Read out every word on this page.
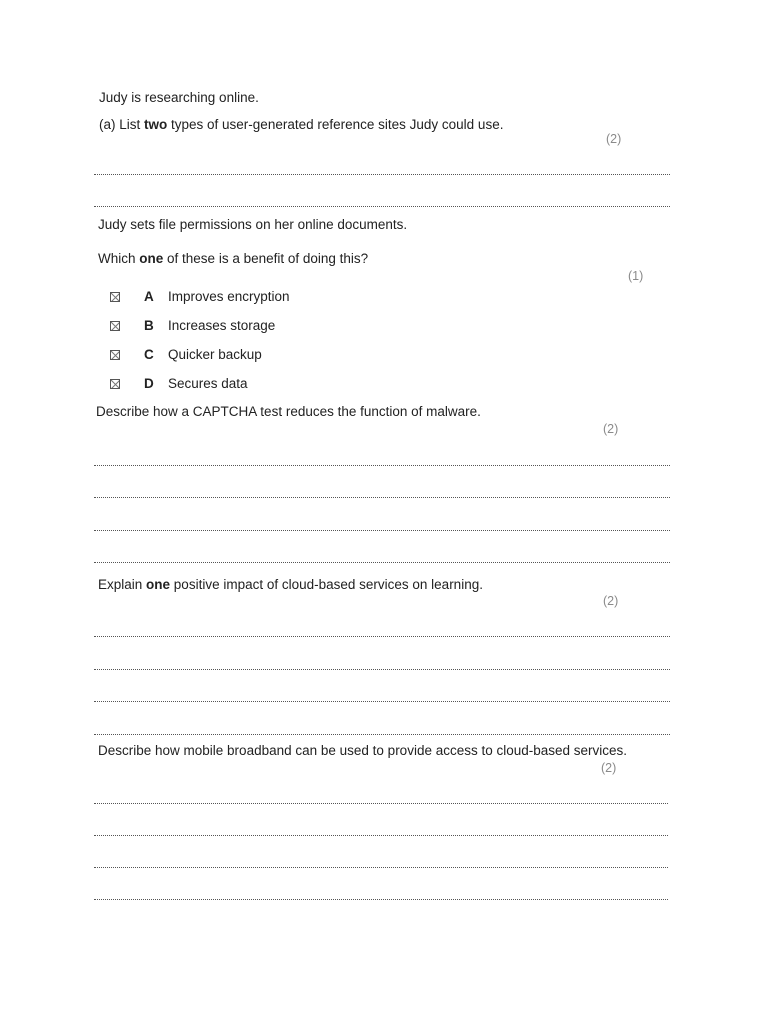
Judy is researching online.
(a) List two types of user-generated reference sites Judy could use.
(2)
Judy sets file permissions on her online documents.
Which one of these is a benefit of doing this?
(1)
A Improves encryption
B Increases storage
C Quicker backup
D Secures data
Describe how a CAPTCHA test reduces the function of malware.
(2)
Explain one positive impact of cloud-based services on learning.
(2)
Describe how mobile broadband can be used to provide access to cloud-based services.
(2)
